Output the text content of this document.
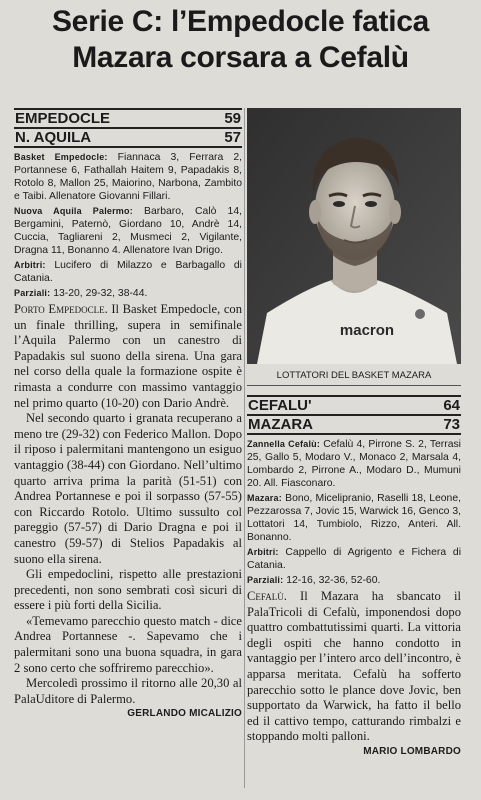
Serie C: l’Empedocle fatica
Mazara corsara a Cefalù
EMPEDOCLE	59
N. AQUILA	57

Basket Empedocle: Fiannaca 3, Ferrara 2, Portannese 6, Fathallah Haitem 9, Papadakis 8, Rotolo 8, Mallon 25, Maiorino, Narbona, Zambito e Taibi. Allenatore Giovanni Fillari.

Nuova Aquila Palermo: Barbaro, Calò 14, Bergamini, Paternò, Giordano 10, Andrè 14, Cuccia, Tagliareni 2, Musmeci 2, Vigilante, Dragna 11, Bonanno 4. Allenatore Ivan Drigo.

Arbitri: Lucifero di Milazzo e Barbagallo di Catania.

Parziali: 13-20, 29-32, 38-44.

Porto Empedocle. Il Basket Empedocle, con un finale thrilling, supera in semifinale l’Aquila Palermo con un canestro di Papadakis sul suono della sirena. Una gara nel corso della quale la formazione ospite è rimasta a condurre con massimo vantaggio nel primo quarto (10-20) con Dario Andrè.

Nel secondo quarto i granata recuperano a meno tre (29-32) con Federico Mallon. Dopo il riposo i palermitani mantengono un esiguo vantaggio (38-44) con Giordano. Nell’ultimo quarto arriva prima la parità (51-51) con Andrea Portannese e poi il sorpasso (57-55) con Riccardo Rotolo. Ultimo sussulto col pareggio (57-57) di Dario Dragna e poi il canestro (59-57) di Stelios Papadakis al suono ella sirena.

Gli empedoclini, rispetto alle prestazioni precedenti, non sono sembrati così sicuri di essere i più forti della Sicilia.

«Temevamo parecchio questo match - dice Andrea Portannese -. Sapevamo che i palermitani sono una buona squadra, in gara 2 sono certo che soffriremo parecchio».

Mercoledì prossimo il ritorno alle 20,30 al PalaUditore di Palermo.

GERLANDO MICALIZIO
macron
LOTTATORI DEL BASKET MAZARA
CEFALU'	64
MAZARA	73

Zannella Cefalù: Cefalù 4, Pirrone S. 2, Terrasi 25, Gallo 5, Modaro V., Monaco 2, Marsala 4, Lombardo 2, Pirrone A., Modaro D., Mumuni 20. All. Fiasconaro.

Mazara: Bono, Micelipranio, Raselli 18, Leone, Pezzarossa 7, Jovic 15, Warwick 16, Genco 3, Lottatori 14, Tumbiolo, Rizzo, Anteri. All. Bonanno.

Arbitri: Cappello di Agrigento e Fichera di Catania.

Parziali: 12-16, 32-36, 52-60.

Cefalù. Il Mazara ha sbancato il PalaTricoli di Cefalù, imponendosi dopo quattro combattutissimi quarti. La vittoria degli ospiti che hanno condotto in vantaggio per l’intero arco dell’incontro, è apparsa meritata. Cefalù ha sofferto parecchio sotto le plance dove Jovic, ben supportato da Warwick, ha fatto il bello ed il cattivo tempo, catturando rimbalzi e stoppando molti palloni.

MARIO LOMBARDO
